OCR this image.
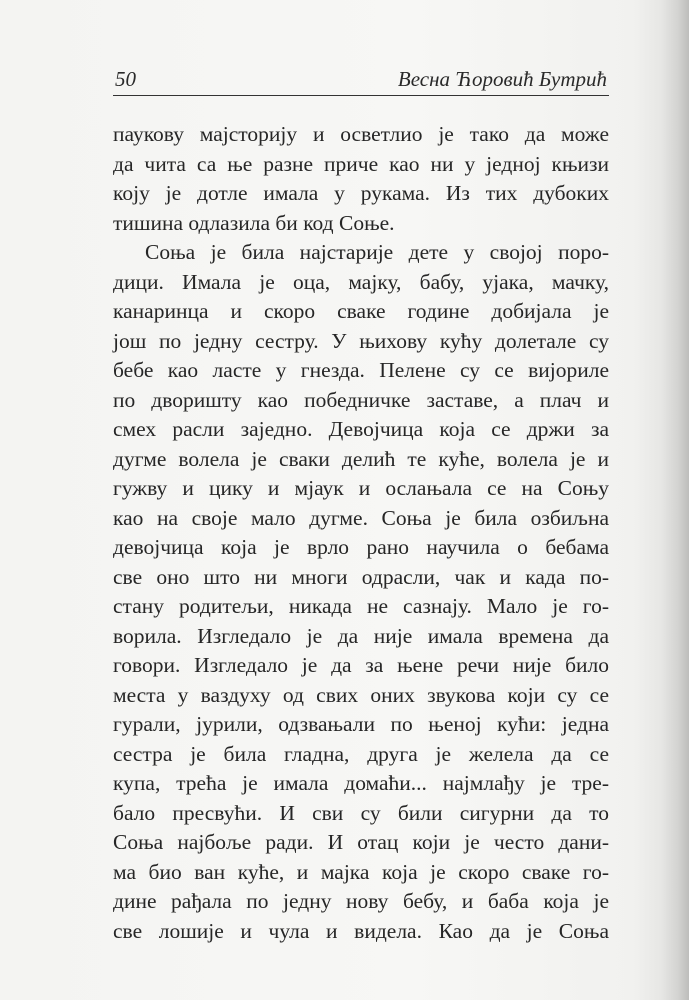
50	Весна Ћоровић Бутрић
паукову мајсторију и осветлио је тако да може
да чита са ње разне приче као ни у једној књизи
коју је дотле имала у рукама. Из тих дубоких
тишина одлазила би код Соње.
Соња је била најстарије дете у својој поро-
дици. Имала је оца, мајку, бабу, ујака, мачку,
канаринца и скоро сваке године добијала је
још по једну сестру. У њихову кућу долетале су
бебе као ласте у гнезда. Пелене су се вијориле
по дворишту као победничке заставе, а плач и
смех расли заједно. Девојчица која се држи за
дугме волела је сваки делић те куће, волела је и
гужву и цику и мјаук и ослањала се на Соњу
као на своје мало дугме. Соња је била озбиљна
девојчица која је врло рано научила о бебама
све оно што ни многи одрасли, чак и када по-
стану родитељи, никада не сазнају. Мало је го-
ворила. Изгледало је да није имала времена да
говори. Изгледало је да за њене речи није било
места у ваздуху од свих оних звукова који су се
гурали, јурили, одзвањали по њеној кући: једна
сестра је била гладна, друга је желела да се
купа, трећа је имала домаћи... најмлађу је тре-
бало пресвући. И сви су били сигурни да то
Соња најбоље ради. И отац који је често дани-
ма био ван куће, и мајка која је скоро сваке го-
дине рађала по једну нову бебу, и баба која је
све лошије и чула и видела. Као да је Соња
